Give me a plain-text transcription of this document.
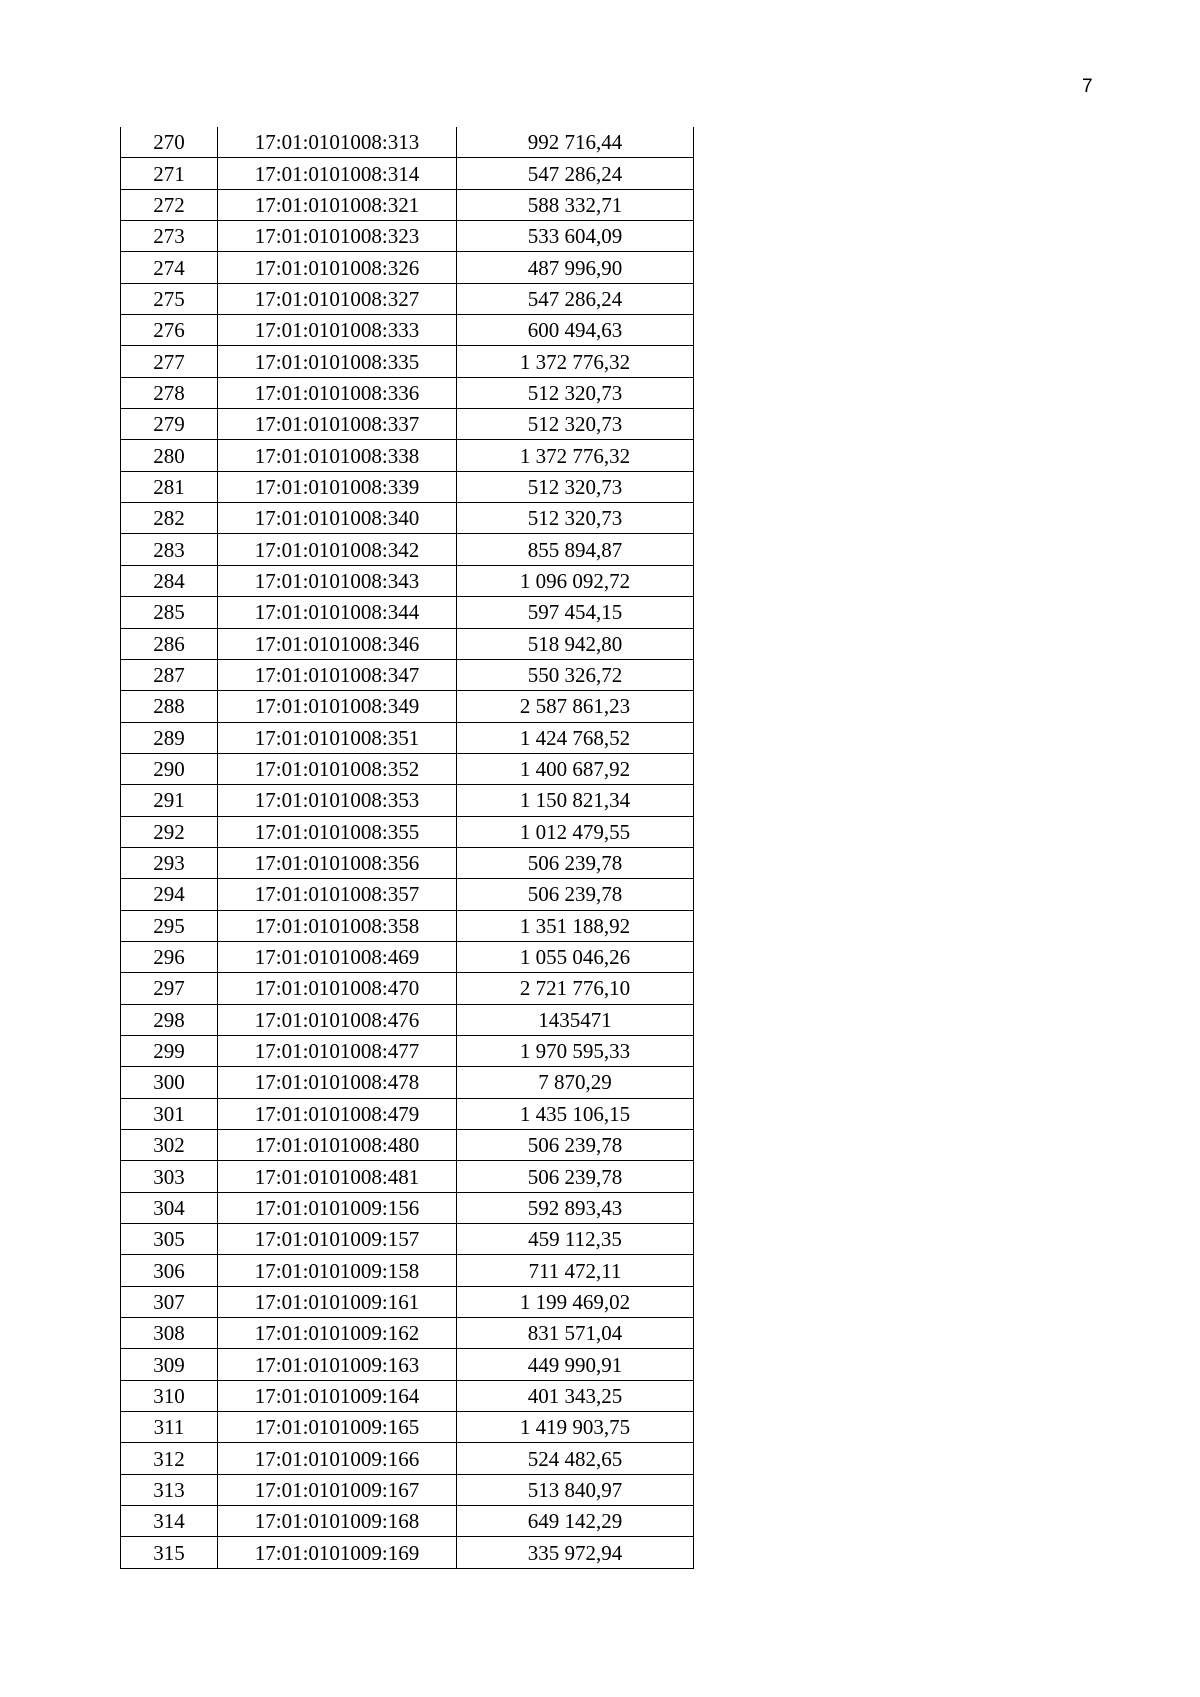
7
270	17:01:0101008:313	992 716,44
271	17:01:0101008:314	547 286,24
272	17:01:0101008:321	588 332,71
273	17:01:0101008:323	533 604,09
274	17:01:0101008:326	487 996,90
275	17:01:0101008:327	547 286,24
276	17:01:0101008:333	600 494,63
277	17:01:0101008:335	1 372 776,32
278	17:01:0101008:336	512 320,73
279	17:01:0101008:337	512 320,73
280	17:01:0101008:338	1 372 776,32
281	17:01:0101008:339	512 320,73
282	17:01:0101008:340	512 320,73
283	17:01:0101008:342	855 894,87
284	17:01:0101008:343	1 096 092,72
285	17:01:0101008:344	597 454,15
286	17:01:0101008:346	518 942,80
287	17:01:0101008:347	550 326,72
288	17:01:0101008:349	2 587 861,23
289	17:01:0101008:351	1 424 768,52
290	17:01:0101008:352	1 400 687,92
291	17:01:0101008:353	1 150 821,34
292	17:01:0101008:355	1 012 479,55
293	17:01:0101008:356	506 239,78
294	17:01:0101008:357	506 239,78
295	17:01:0101008:358	1 351 188,92
296	17:01:0101008:469	1 055 046,26
297	17:01:0101008:470	2 721 776,10
298	17:01:0101008:476	1435471
299	17:01:0101008:477	1 970 595,33
300	17:01:0101008:478	7 870,29
301	17:01:0101008:479	1 435 106,15
302	17:01:0101008:480	506 239,78
303	17:01:0101008:481	506 239,78
304	17:01:0101009:156	592 893,43
305	17:01:0101009:157	459 112,35
306	17:01:0101009:158	711 472,11
307	17:01:0101009:161	1 199 469,02
308	17:01:0101009:162	831 571,04
309	17:01:0101009:163	449 990,91
310	17:01:0101009:164	401 343,25
311	17:01:0101009:165	1 419 903,75
312	17:01:0101009:166	524 482,65
313	17:01:0101009:167	513 840,97
314	17:01:0101009:168	649 142,29
315	17:01:0101009:169	335 972,94
